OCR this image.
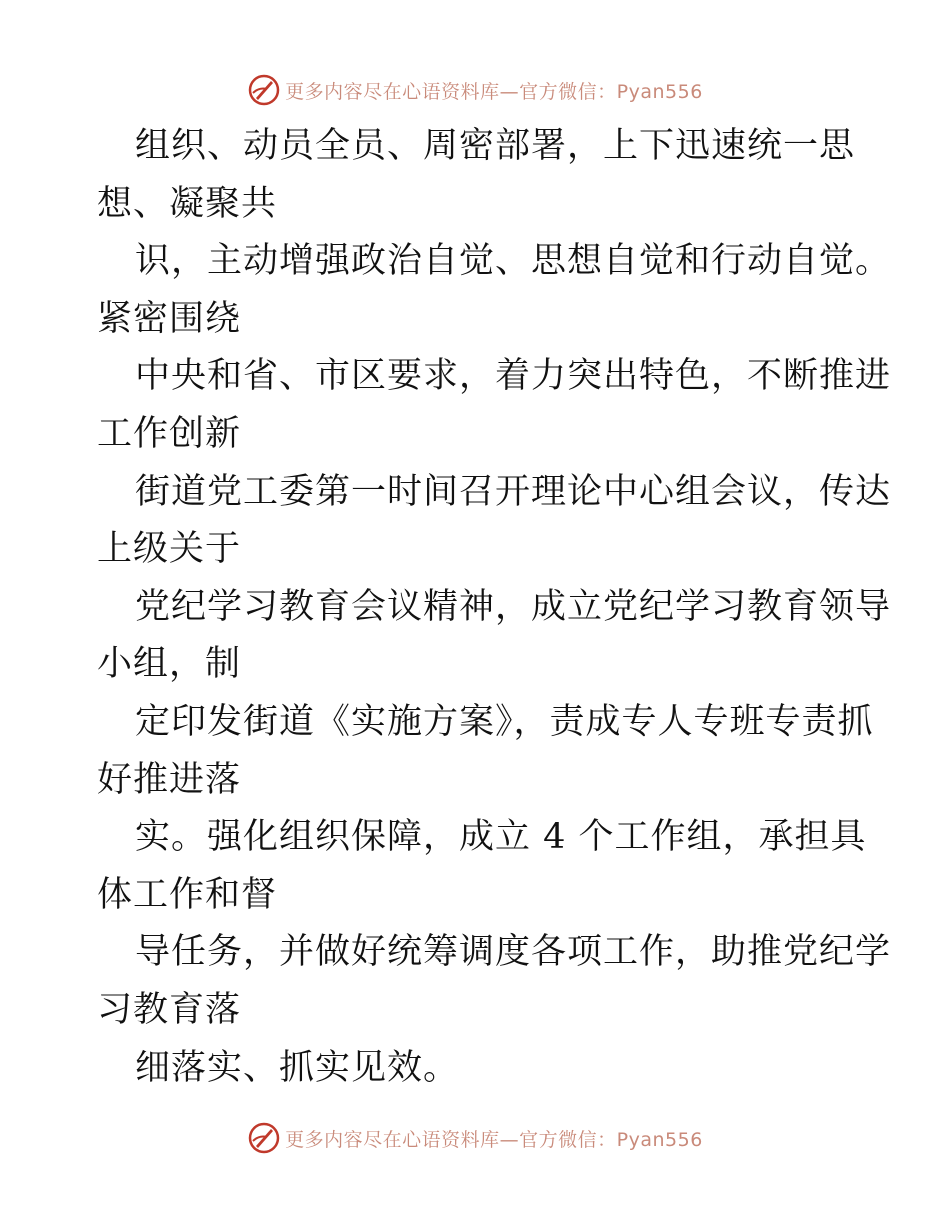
更多内容尽在心语资料库—官方微信：Pyan556
组织、动员全员、周密部署，上下迅速统一思
想、凝聚共
识，主动增强政治自觉、思想自觉和行动自觉。
紧密围绕
中央和省、市区要求，着力突出特色，不断推进
工作创新
街道党工委第一时间召开理论中心组会议，传达
上级关于
党纪学习教育会议精神，成立党纪学习教育领导
小组，制
定印发街道《实施方案》，责成专人专班专责抓
好推进落
实。强化组织保障，成立 4 个工作组，承担具
体工作和督
导任务，并做好统筹调度各项工作，助推党纪学
习教育落
细落实、抓实见效。
更多内容尽在心语资料库—官方微信：Pyan556
